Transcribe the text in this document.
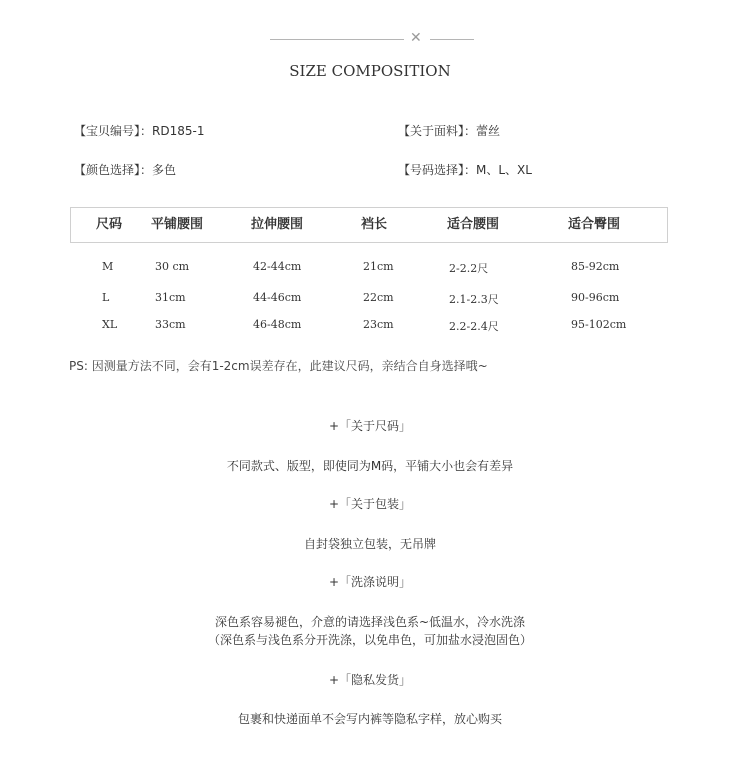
✕
SIZE COMPOSITION
【宝贝编号】：RD185-1	【关于面料】：蕾丝
【颜色选择】：多色	【号码选择】：M、L、XL
尺码 平铺腰围	拉伸腰围	裆长	适合腰围	适合臀围
M	30 cm	42-44cm	21cm	2-2.2尺	85-92cm
L	31cm	44-46cm	22cm	2.1-2.3尺	90-96cm
XL	33cm	46-48cm	23cm	2.2-2.4尺	95-102cm
PS: 因测量方法不同，会有1-2cm误差存在，此建议尺码，亲结合自身选择哦~
+「关于尺码」
不同款式、版型，即使同为M码，平铺大小也会有差异
+「关于包装」
自封袋独立包装，无吊牌
+「洗涤说明」
深色系容易褪色，介意的请选择浅色系~低温水，冷水洗涤
（深色系与浅色系分开洗涤，以免串色，可加盐水浸泡固色）
+「隐私发货」
包裹和快递面单不会写内裤等隐私字样，放心购买
